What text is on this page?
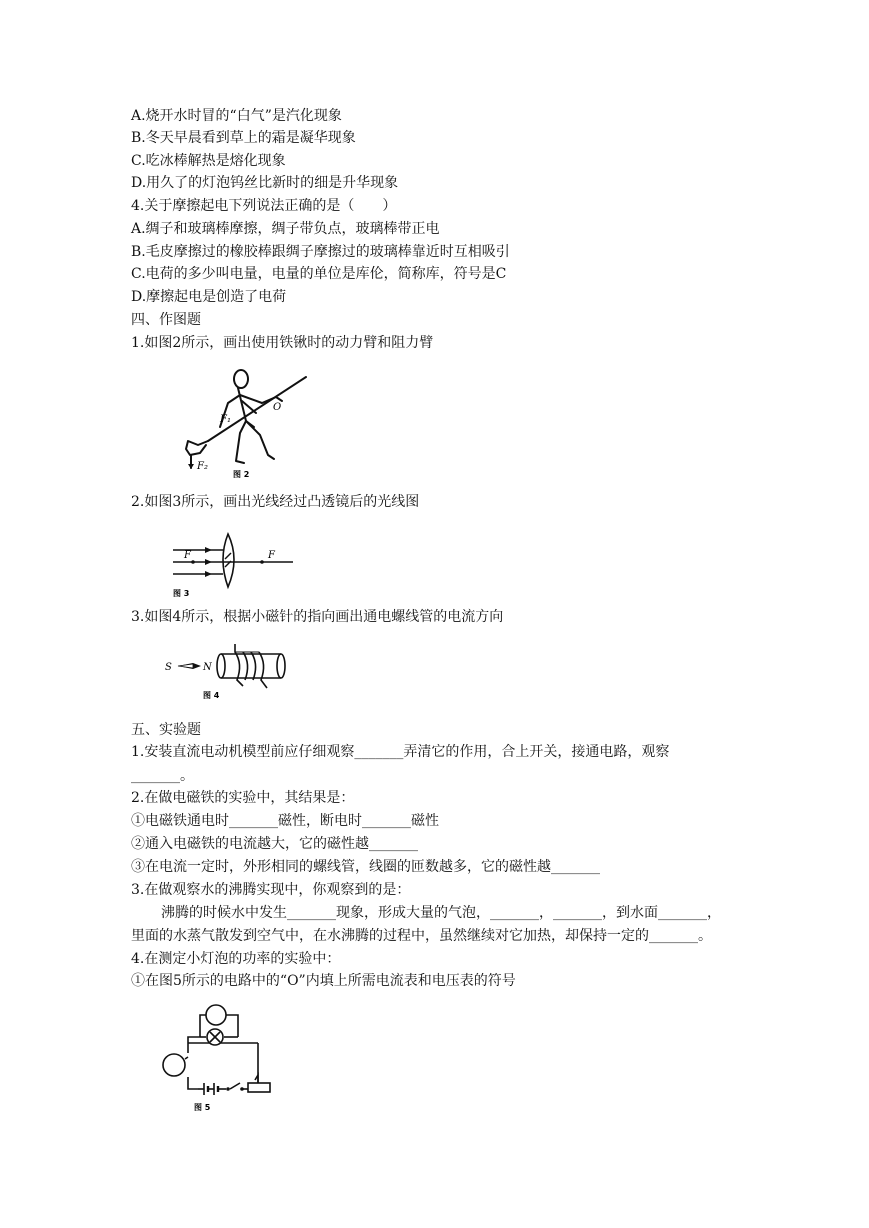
A.烧开水时冒的“白气”是汽化现象
B.冬天早晨看到草上的霜是凝华现象
C.吃冰棒解热是熔化现象
D.用久了的灯泡钨丝比新时的细是升华现象
4.关于摩擦起电下列说法正确的是（　　）
A.绸子和玻璃棒摩擦，绸子带负点，玻璃棒带正电
B.毛皮摩擦过的橡胶棒跟绸子摩擦过的玻璃棒靠近时互相吸引
C.电荷的多少叫电量，电量的单位是库伦，简称库，符号是C
D.摩擦起电是创造了电荷
四、作图题
1.如图2所示，画出使用铁锹时的动力臂和阻力臂
F₁
O
F₂
图 2
2.如图3所示，画出光线经过凸透镜后的光线图
F	F
图 3
3.如图4所示，根据小磁针的指向画出通电螺线管的电流方向
S	N
图 4
五、实验题
1.安装直流电动机模型前应仔细观察_______弄清它的作用，合上开关，接通电路，观察
_______。
2.在做电磁铁的实验中，其结果是：
①电磁铁通电时_______磁性，断电时_______磁性
②通入电磁铁的电流越大，它的磁性越_______
③在电流一定时，外形相同的螺线管，线圈的匝数越多，它的磁性越_______
3.在做观察水的沸腾实现中，你观察到的是：
沸腾的时候水中发生_______现象，形成大量的气泡，_______，_______，到水面_______，
里面的水蒸气散发到空气中，在水沸腾的过程中，虽然继续对它加热，却保持一定的_______。
4.在测定小灯泡的功率的实验中：
①在图5所示的电路中的“O”内填上所需电流表和电压表的符号
图 5
